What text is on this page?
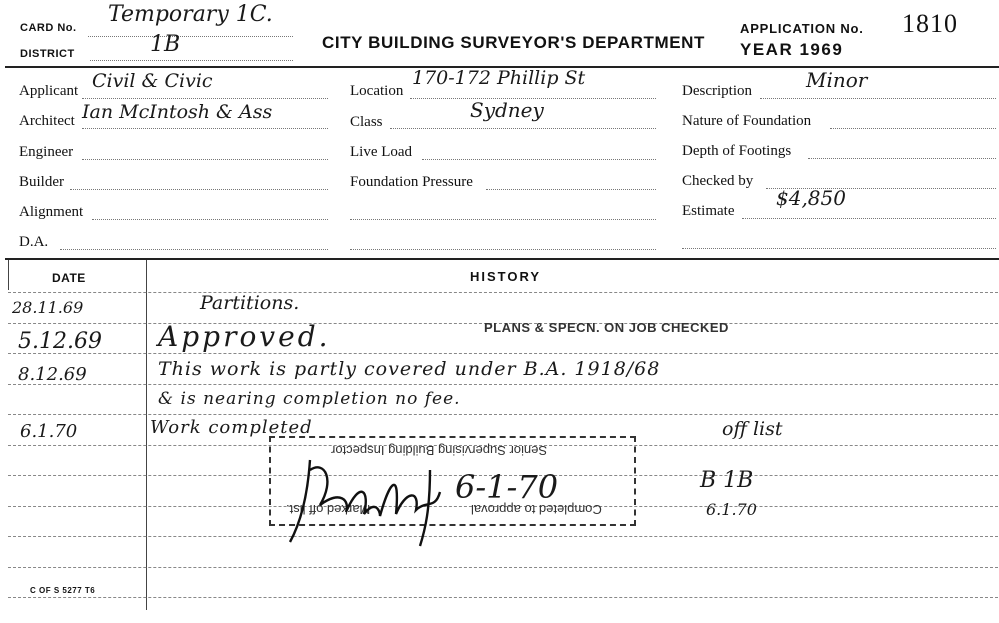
CARD No.
Temporary 1C.
DISTRICT	1B	CITY BUILDING SURVEYOR'S DEPARTMENT
APPLICATION No. 1810
YEAR 1969
Applicant Civil & Civic
Architect Ian McIntosh & Ass
Engineer
Builder
Alignment
D.A.
Location
170-172 Phillip St
Class	Sydney
Live Load
Foundation Pressure
Description	Minor
Nature of Foundation
Depth of Footings
Checked by
Estimate
$4,850
DATE	HISTORY
28.11.69	Partitions.
5.12.69 Approved.	PLANS & SPECN. ON JOB CHECKED
8.12.69	This work is partly covered under B.A. 1918/68
& is nearing completion no fee.
6.1.70	Work completed	off list
Senior Supervising Building Inspector
Completed to approval
Marked off list.
6-1-70	B 1B
6.1.70
C OF S 5277 T6
